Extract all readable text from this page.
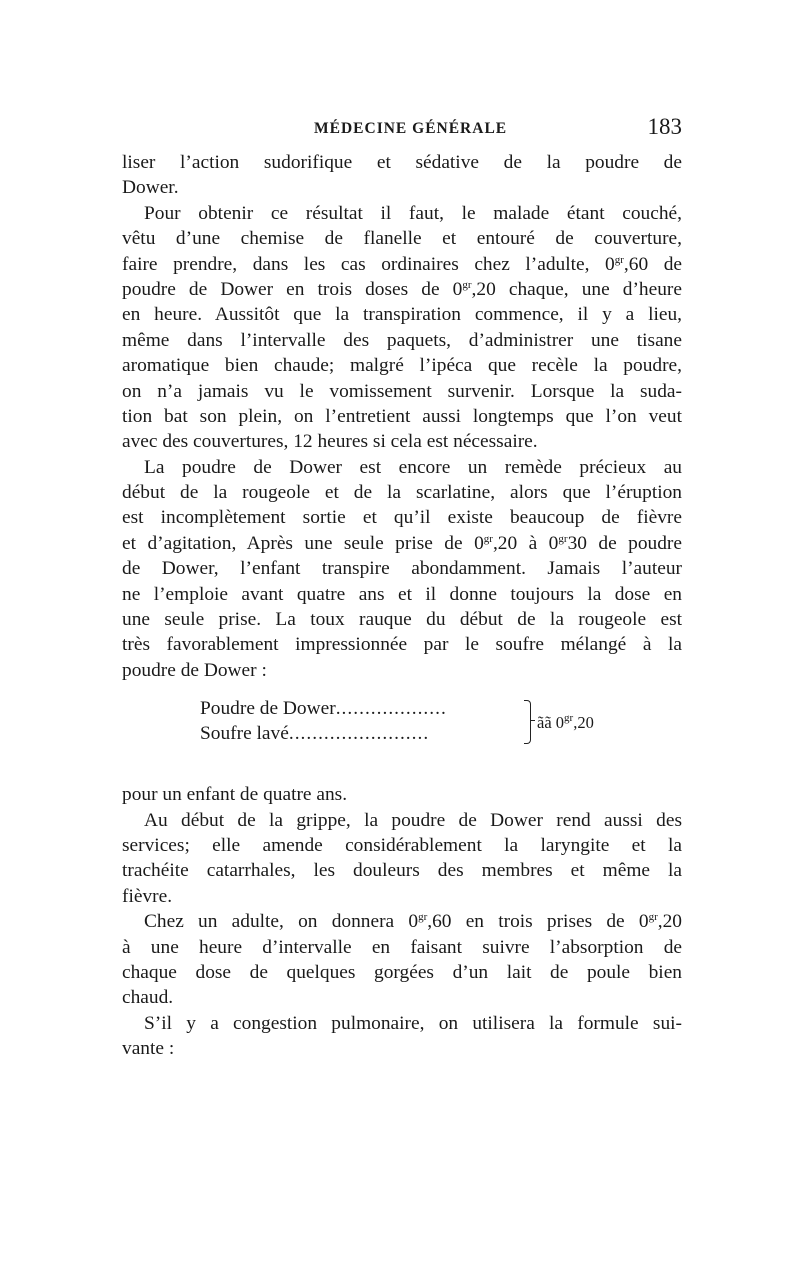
MÉDECINE GÉNÉRALE	183
liser l’action sudorifique et sédative de la poudre de
Dower.
Pour obtenir ce résultat il faut, le malade étant couché,
vêtu d’une chemise de flanelle et entouré de couverture,
faire prendre, dans les cas ordinaires chez l’adulte, $0^{gr},60$ de
poudre de Dower en trois doses de $0^{gr},20$ chaque, une d’heure
en heure. Aussitôt que la transpiration commence, il y a lieu,
même dans l’intervalle des paquets, d’administrer une tisane
aromatique bien chaude; malgré l’ipéca que recèle la poudre,
on n’a jamais vu le vomissement survenir. Lorsque la suda-
tion bat son plein, on l’entretient aussi longtemps que l’on veut
avec des couvertures, 12 heures si cela est nécessaire.
La poudre de Dower est encore un remède précieux au
début de la rougeole et de la scarlatine, alors que l’éruption
est incomplètement sortie et qu’il existe beaucoup de fièvre
et d’agitation, Après une seule prise de $0^{gr},20$ à $0^{gr}30$ de poudre
de Dower, l’enfant transpire abondamment. Jamais l’auteur
ne l’emploie avant quatre ans et il donne toujours la dose en
une seule prise. La toux rauque du début de la rougeole est
très favorablement impressionnée par le soufre mélangé à la
poudre de Dower :
Poudre de Dower...................
Soufre lavé........................
ãã $0^{gr},20$
pour un enfant de quatre ans.
Au début de la grippe, la poudre de Dower rend aussi des
services; elle amende considérablement la laryngite et la
trachéite catarrhales, les douleurs des membres et même la
fièvre.
Chez un adulte, on donnera $0^{gr},60$ en trois prises de $0^{gr},20$
à une heure d’intervalle en faisant suivre l’absorption de
chaque dose de quelques gorgées d’un lait de poule bien
chaud.
S’il y a congestion pulmonaire, on utilisera la formule sui-
vante :
